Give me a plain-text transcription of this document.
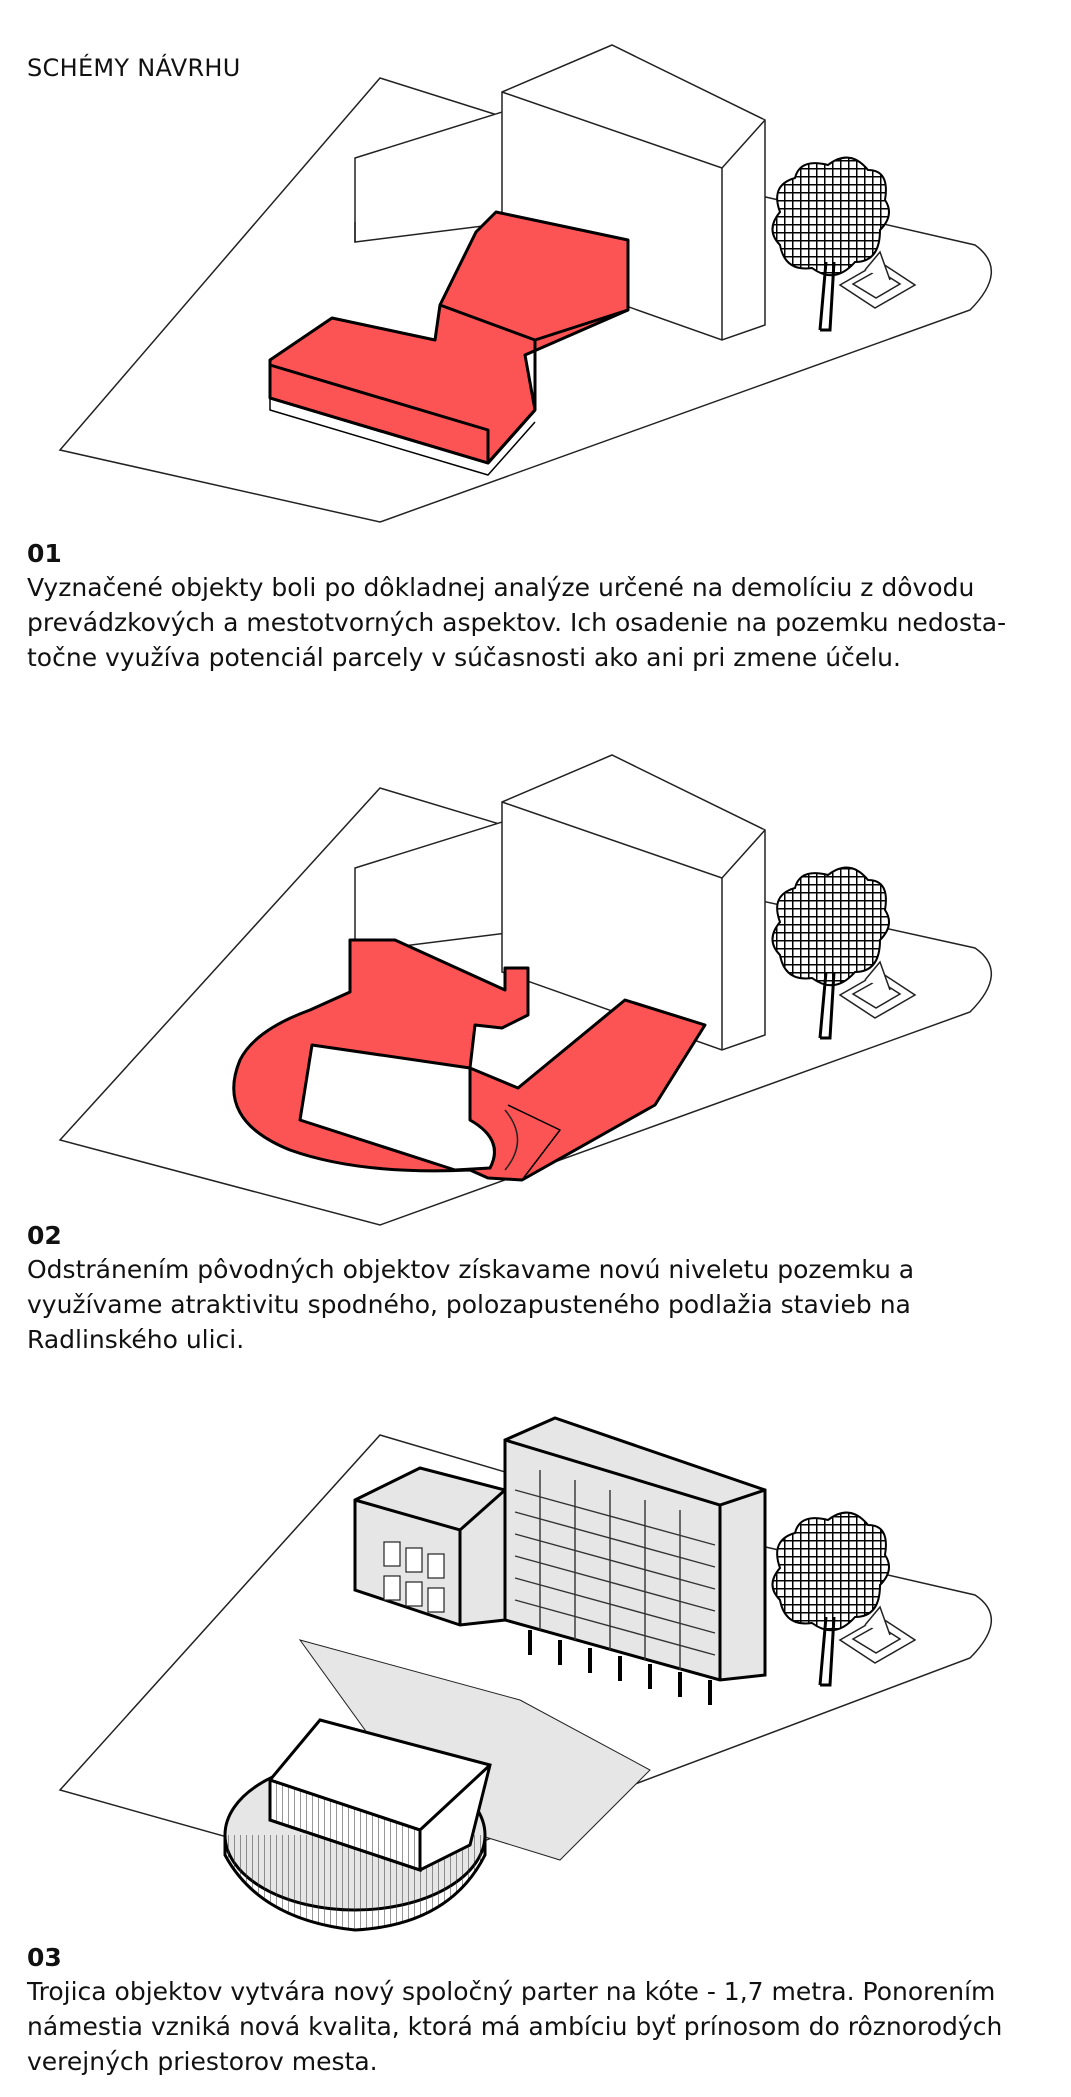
SCHÉMY NÁVRHU
01
Vyznačené objekty boli po dôkladnej analýze určené na demolíciu z dôvodu prevádzkových a mestotvorných aspektov. Ich osadenie na pozemku nedosta-točne využíva potenciál parcely v súčasnosti ako ani pri zmene účelu.
02
Odstránením pôvodných objektov získavame novú niveletu pozemku a využívame atraktivitu spodného, polozapusteného podlažia stavieb na Radlinského ulici.
03
Trojica objektov vytvára nový spoločný parter na kóte - 1,7 metra. Ponorením námestia vzniká nová kvalita, ktorá má ambíciu byť prínosom do rôznorodých verejných priestorov mesta.
